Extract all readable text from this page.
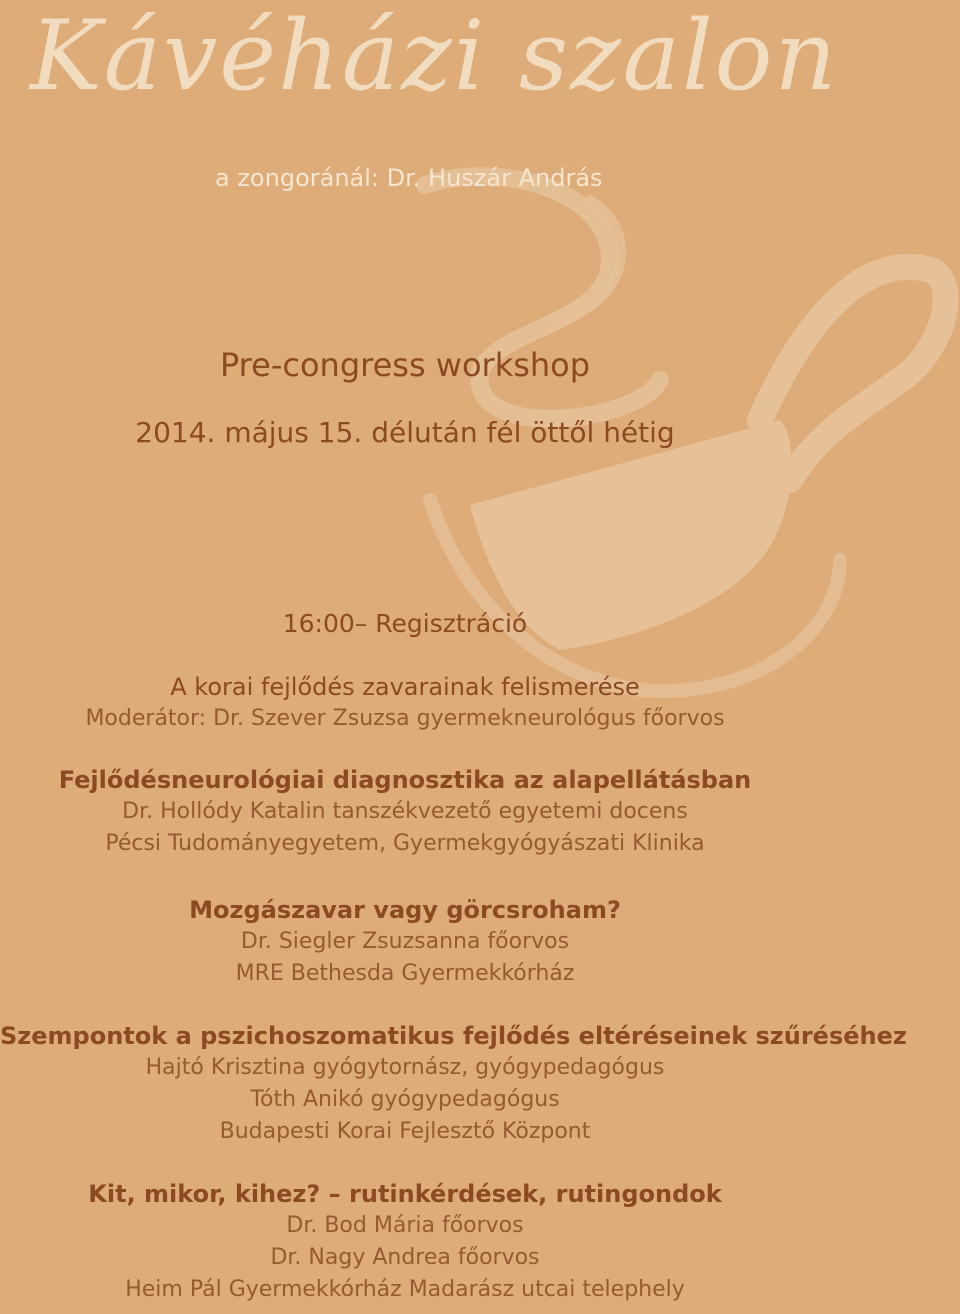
Kávéházi szalon
a zongoránál: Dr. Huszár András
Pre-congress workshop
2014. május 15. délután fél öttől hétig
16:00– Regisztráció
A korai fejlődés zavarainak felismerése
Moderátor: Dr. Szever Zsuzsa gyermekneurológus főorvos
Fejlődésneurológiai diagnosztika az alapellátásban
Dr. Hollódy Katalin tanszékvezető egyetemi docens
Pécsi Tudományegyetem, Gyermekgyógyászati Klinika
Mozgászavar vagy görcsroham?
Dr. Siegler Zsuzsanna főorvos
MRE Bethesda Gyermekkórház
Szempontok a pszichoszomatikus fejlődés eltéréseinek szűréséhez
Hajtó Krisztina gyógytornász, gyógypedagógus
Tóth Anikó gyógypedagógus
Budapesti Korai Fejlesztő Központ
Kit, mikor, kihez? – rutinkérdések, rutingondok
Dr. Bod Mária főorvos
Dr. Nagy Andrea főorvos
Heim Pál Gyermekkórház Madarász utcai telephely
